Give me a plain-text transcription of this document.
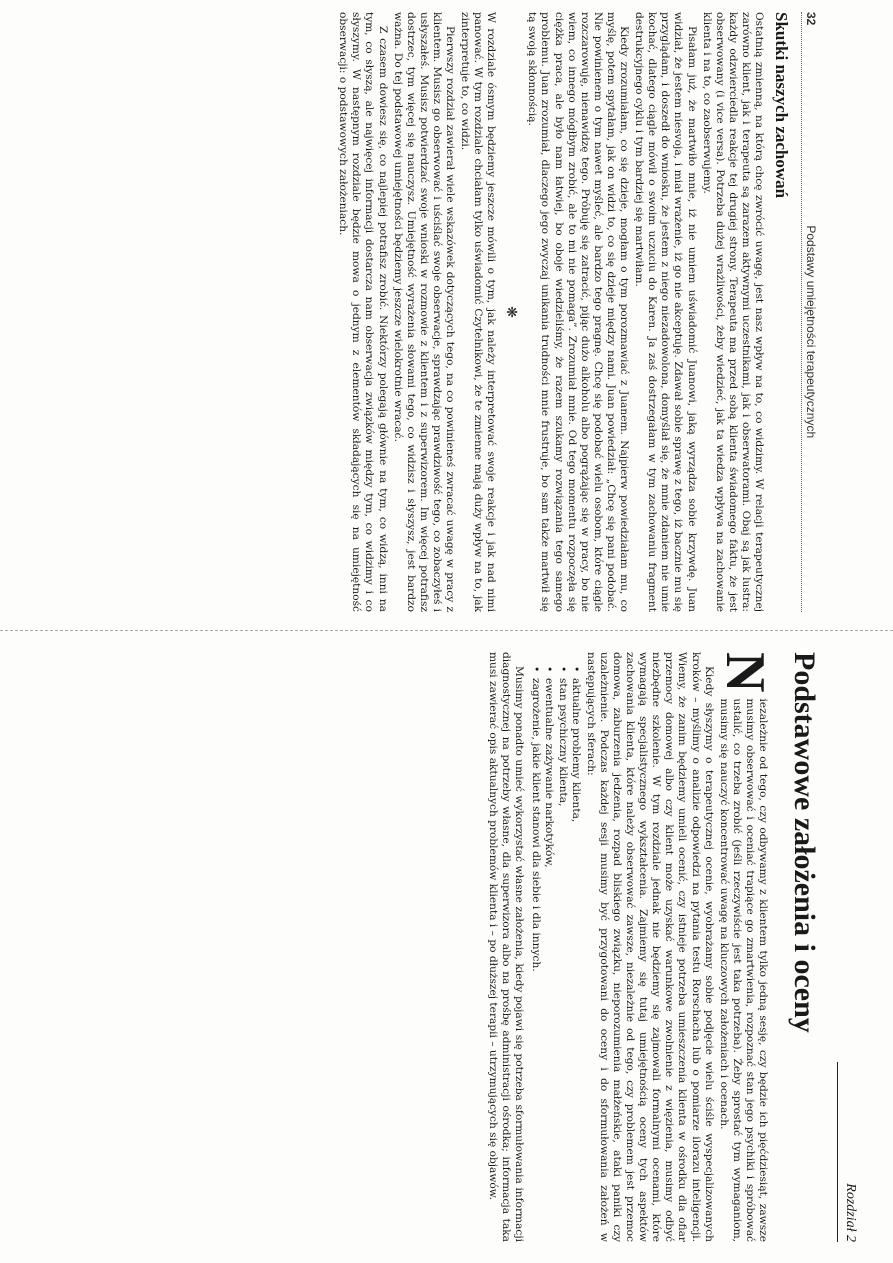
32
Podstawy umiejętności terapeutycznych
Skutki naszych zachowań

Ostatnią zmienną, na którą chcę zwrócić uwagę, jest nasz wpływ na to, co widzimy. W relacji terapeutycznej zarówno klient, jak i terapeuta są zarazem aktywnymi uczestnikami, jak i obserwatorami. Obaj są jak lustra: każdy odzwierciedla reakcje tej drugiej strony. Terapeuta ma przed sobą klienta świadomego faktu, że jest obserwowany (i vice versa). Potrzeba dużej wrażliwości, żeby wiedzieć, jak ta wiedza wpływa na zachowanie klienta i na to, co zaobserwujemy.

Pisałam już, że martwiło mnie, iż nie umiem uświadomić Juanowi, jaką wyrządza sobie krzywdę. Juan widział, że jestem niesvoja, i miał wrażenie, iż go nie akceptuję. Zdawał sobie sprawę z tego, iż bacznie mu się przyglądam, i doszedł do wniosku, że jestem z niego niezadowolona, domyślał się, że mnie zdaniem nie umie kochać, dlatego ciągle mówił o swoim uczuciu do Karen. Ja zaś dostrzegałam w tym zachowaniu fragment destrukcyjnego cyklu i tym bardziej się martwiłam.

Kiedy zrozumiałam, co się dzieje, mogłam o tym porozmawiać z Juanem. Najpierw powiedziałam mu, co myślę, potem spytałam, jak on widzi to, co się dzieje między nami. Juan powiedział: „Chcę się pani podobać. Nie powinienem o tym nawet myśleć, ale bardzo tego pragnę. Chcę się podobać wielu osobom, które ciągle rozczarowuję, nienawidzę tego. Próbuję się zatracić, pijąc dużo alkoholu albo pogrążając się w pracy, bo nie wiem, co innego mógłbym zrobić, ale to mi nie pomaga”. Zrozumiał mnie. Od tego momentu rozpoczęła się ciężka praca, ale było nam łatwiej, bo oboje wiedzieliśmy, że razem szukamy rozwiązania tego samego problemu. Juan zrozumiał, dlaczego jego zwyczaj unikania trudności mnie frustruje, bo sam także martwił się tą swoją skłonnością.

❋

W rozdziale ósmym będziemy jeszcze mówili o tym, jak należy interpretować swoje reakcje i jak nad nimi panować. W tym rozdziale chciałam tylko uświadomić Czytelnikowi, że te zmienne mają duży wpływ na to, jak zinterpretuje to, co widzi.

Pierwszy rozdział zawierał wiele wskazówek dotyczących tego, na co powinieneś zwracać uwagę w pracy z klientem. Musisz go obserwować i uściślać swoje obserwacje, sprawdzając prawdziwość tego, co zobaczyłeś i usłyszałeś. Musisz potwierdzać swoje wnioski w rozmowie z klientem i z superwizorem. Im więcej potrafisz dostrzec, tym więcej się nauczysz. Umiejętność wyrażenia słowami tego, co widzisz i słyszysz, jest bardzo ważna. Do tej podstawowej umiejętności będziemy jeszcze wielokrotnie wracać.

Z czasem dowiesz się, co najlepiej potrafisz zrobić. Niektórzy polegają głównie na tym, co widzą, inni na tym, co słyszą, ale najwięcej informacji dostarcza nam obserwacja związków między tym, co widzimy i co słyszymy. W następnym rozdziale będzie mowa o jednym z elementów składających się na umiejętność obserwacji: o podstawowych założeniach.

Rozdział 2
Podstawowe założenia i oceny

N
iezależnie od tego, czy odbywamy z klientem tylko jedną sesję, czy będzie ich pięćdziesiąt, zawsze musimy obserwować i oceniać trapiące go zmartwienia, rozpoznać stan jego psychiki i spróbować ustalić, co trzeba zrobić (jeśli rzeczywiście jest taka potrzeba). Żeby sprostać tym wymaganiom, musimy się nauczyć koncentrować uwagę na kluczowych założeniach i ocenach.

Kiedy słyszymy o terapeutycznej ocenie, wyobrażamy sobie podjęcie wielu ściśle wyspecjalizowanych kroków – myślimy o analizie odpowiedzi na pytania testu Rorschacha lub o pomiarze ilorazu inteligencji. Wiemy, że zanim będziemy umieli ocenić, czy istnieje potrzeba umieszczenia klienta w ośrodku dla ofiar przemocy domowej albo czy klient może uzyskać warunkowe zwolnienie z więzienia, musimy odbyć niezbędne szkolenie. W tym rozdziale jednak nie będziemy się zajmowali formalnymi ocenami, które wymagają specjalistycznego wykształcenia. Zajmiemy się tutaj umiejętnością oceny tych aspektów zachowania klienta, które należy obserwować zawsze, niezależnie od tego, czy problemem jest przemoc domowa, zaburzenia jedzenia, rozpad bliskiego związku, nieporozumienia małżeńskie, ataki paniki czy uzależnienie. Podczas każdej sesji musimy być przygotowani do oceny i do sformułowania założeń w następujących sferach:

• aktualne problemy klienta,
• stan psychiczny klienta,
• ewentualne zażywanie narkotyków,
• zagrożenie, jakie klient stanowi dla siebie i dla innych.

Musimy ponadto umieć wykorzystać własne założenia, kiedy pojawi się potrzeba sformułowania informacji diagnostycznej na potrzeby własne, dla superwizora albo na prośbę administracji ośrodka; informacja taka musi zawierać opis aktualnych problemów klienta i – po dłuższej terapii – utrzymujących się objawów.
